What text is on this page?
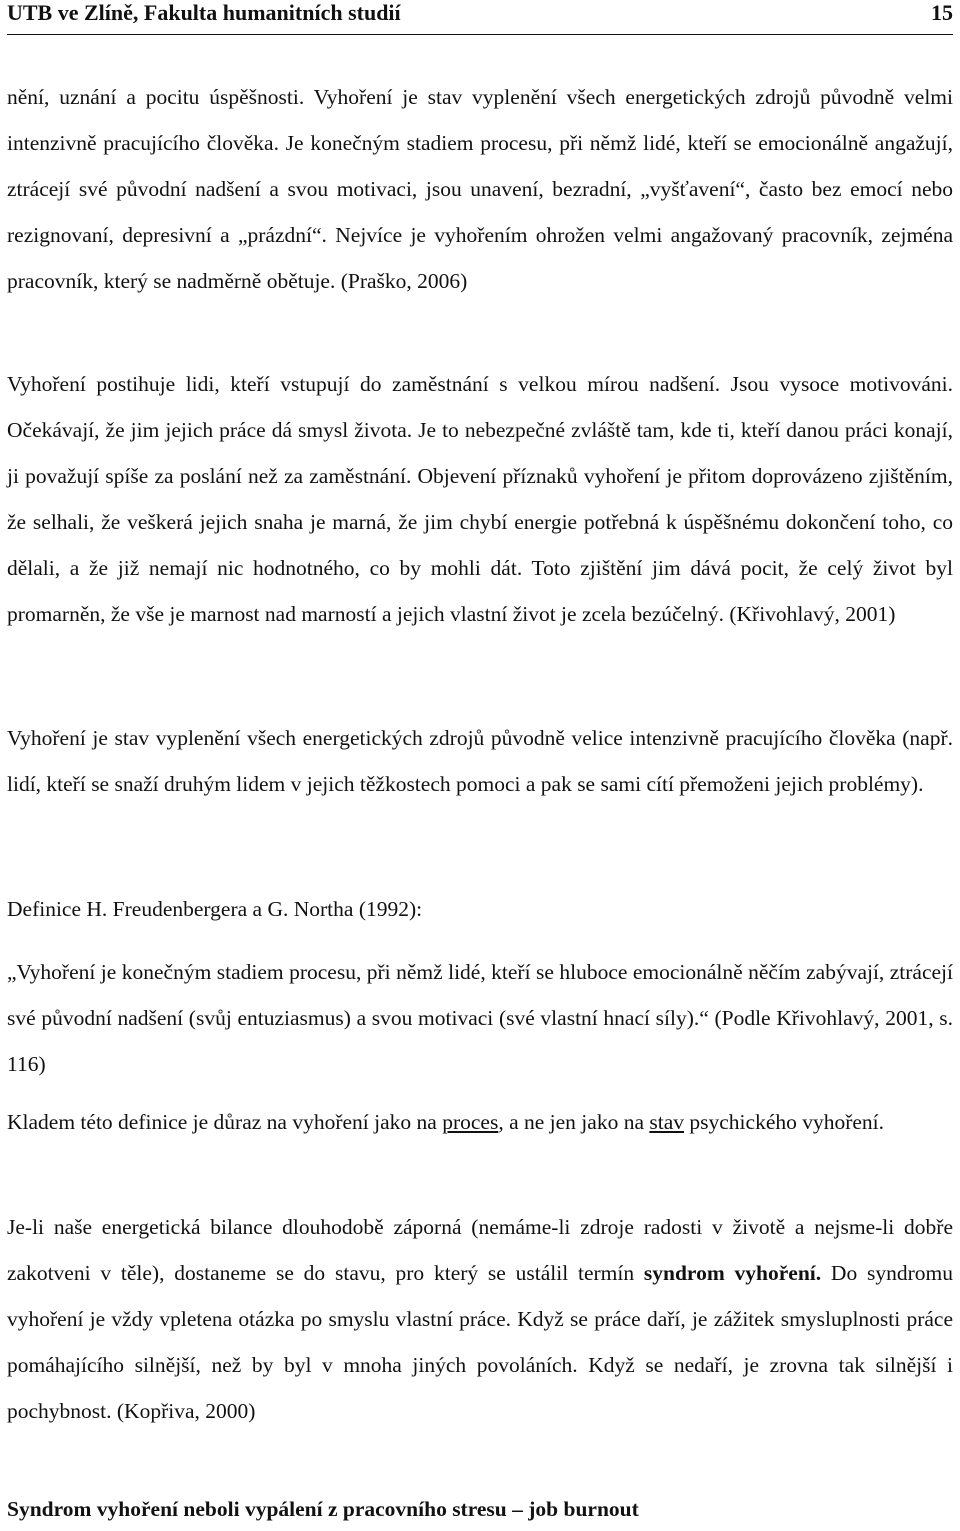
UTB ve Zlíně, Fakulta humanitních studií	15

nění, uznání a pocitu úspěšnosti. Vyhoření je stav vyplenění všech energetických zdrojů původně velmi intenzivně pracujícího člověka. Je konečným stadiem procesu, při němž lidé, kteří se emocionálně angažují, ztrácejí své původní nadšení a svou motivaci, jsou unavení, bezradní, „vyšťavení“, často bez emocí nebo rezignovaní, depresivní a „prázdní“. Nejvíce je vyhořením ohrožen velmi angažovaný pracovník, zejména pracovník, který se nadměrně obětuje. (Praško, 2006)

Vyhoření postihuje lidi, kteří vstupují do zaměstnání s velkou mírou nadšení. Jsou vysoce motivováni. Očekávají, že jim jejich práce dá smysl života. Je to nebezpečné zvláště tam, kde ti, kteří danou práci konají, ji považují spíše za poslání než za zaměstnání. Objevení příznaků vyhoření je přitom doprovázeno zjištěním, že selhali, že veškerá jejich snaha je marná, že jim chybí energie potřebná k úspěšnému dokončení toho, co dělali, a že již nemají nic hodnotného, co by mohli dát. Toto zjištění jim dává pocit, že celý život byl promarněn, že vše je marnost nad marností a jejich vlastní život je zcela bezúčelný. (Křivohlavý, 2001)

Vyhoření je stav vyplenění všech energetických zdrojů původně velice intenzivně pracujícího člověka (např. lidí, kteří se snaží druhým lidem v jejich těžkostech pomoci a pak se sami cítí přemoženi jejich problémy).

Definice H. Freudenbergera a G. Northa (1992):

„Vyhoření je konečným stadiem procesu, při němž lidé, kteří se hluboce emocionálně něčím zabývají, ztrácejí své původní nadšení (svůj entuziasmus) a svou motivaci (své vlastní hnací síly).“ (Podle Křivohlavý, 2001, s. 116)

Kladem této definice je důraz na vyhoření jako na proces, a ne jen jako na stav psychického vyhoření.

Je-li naše energetická bilance dlouhodobě záporná (nemáme-li zdroje radosti v životě a nejsme-li dobře zakotveni v těle), dostaneme se do stavu, pro který se ustálil termín syndrom vyhoření. Do syndromu vyhoření je vždy vpletena otázka po smyslu vlastní práce. Když se práce daří, je zážitek smysluplnosti práce pomáhajícího silnější, než by byl v mnoha jiných povoláních. Když se nedaří, je zrovna tak silnější i pochybnost. (Kopřiva, 2000)

Syndrom vyhoření neboli vypálení z pracovního stresu – job burnout
